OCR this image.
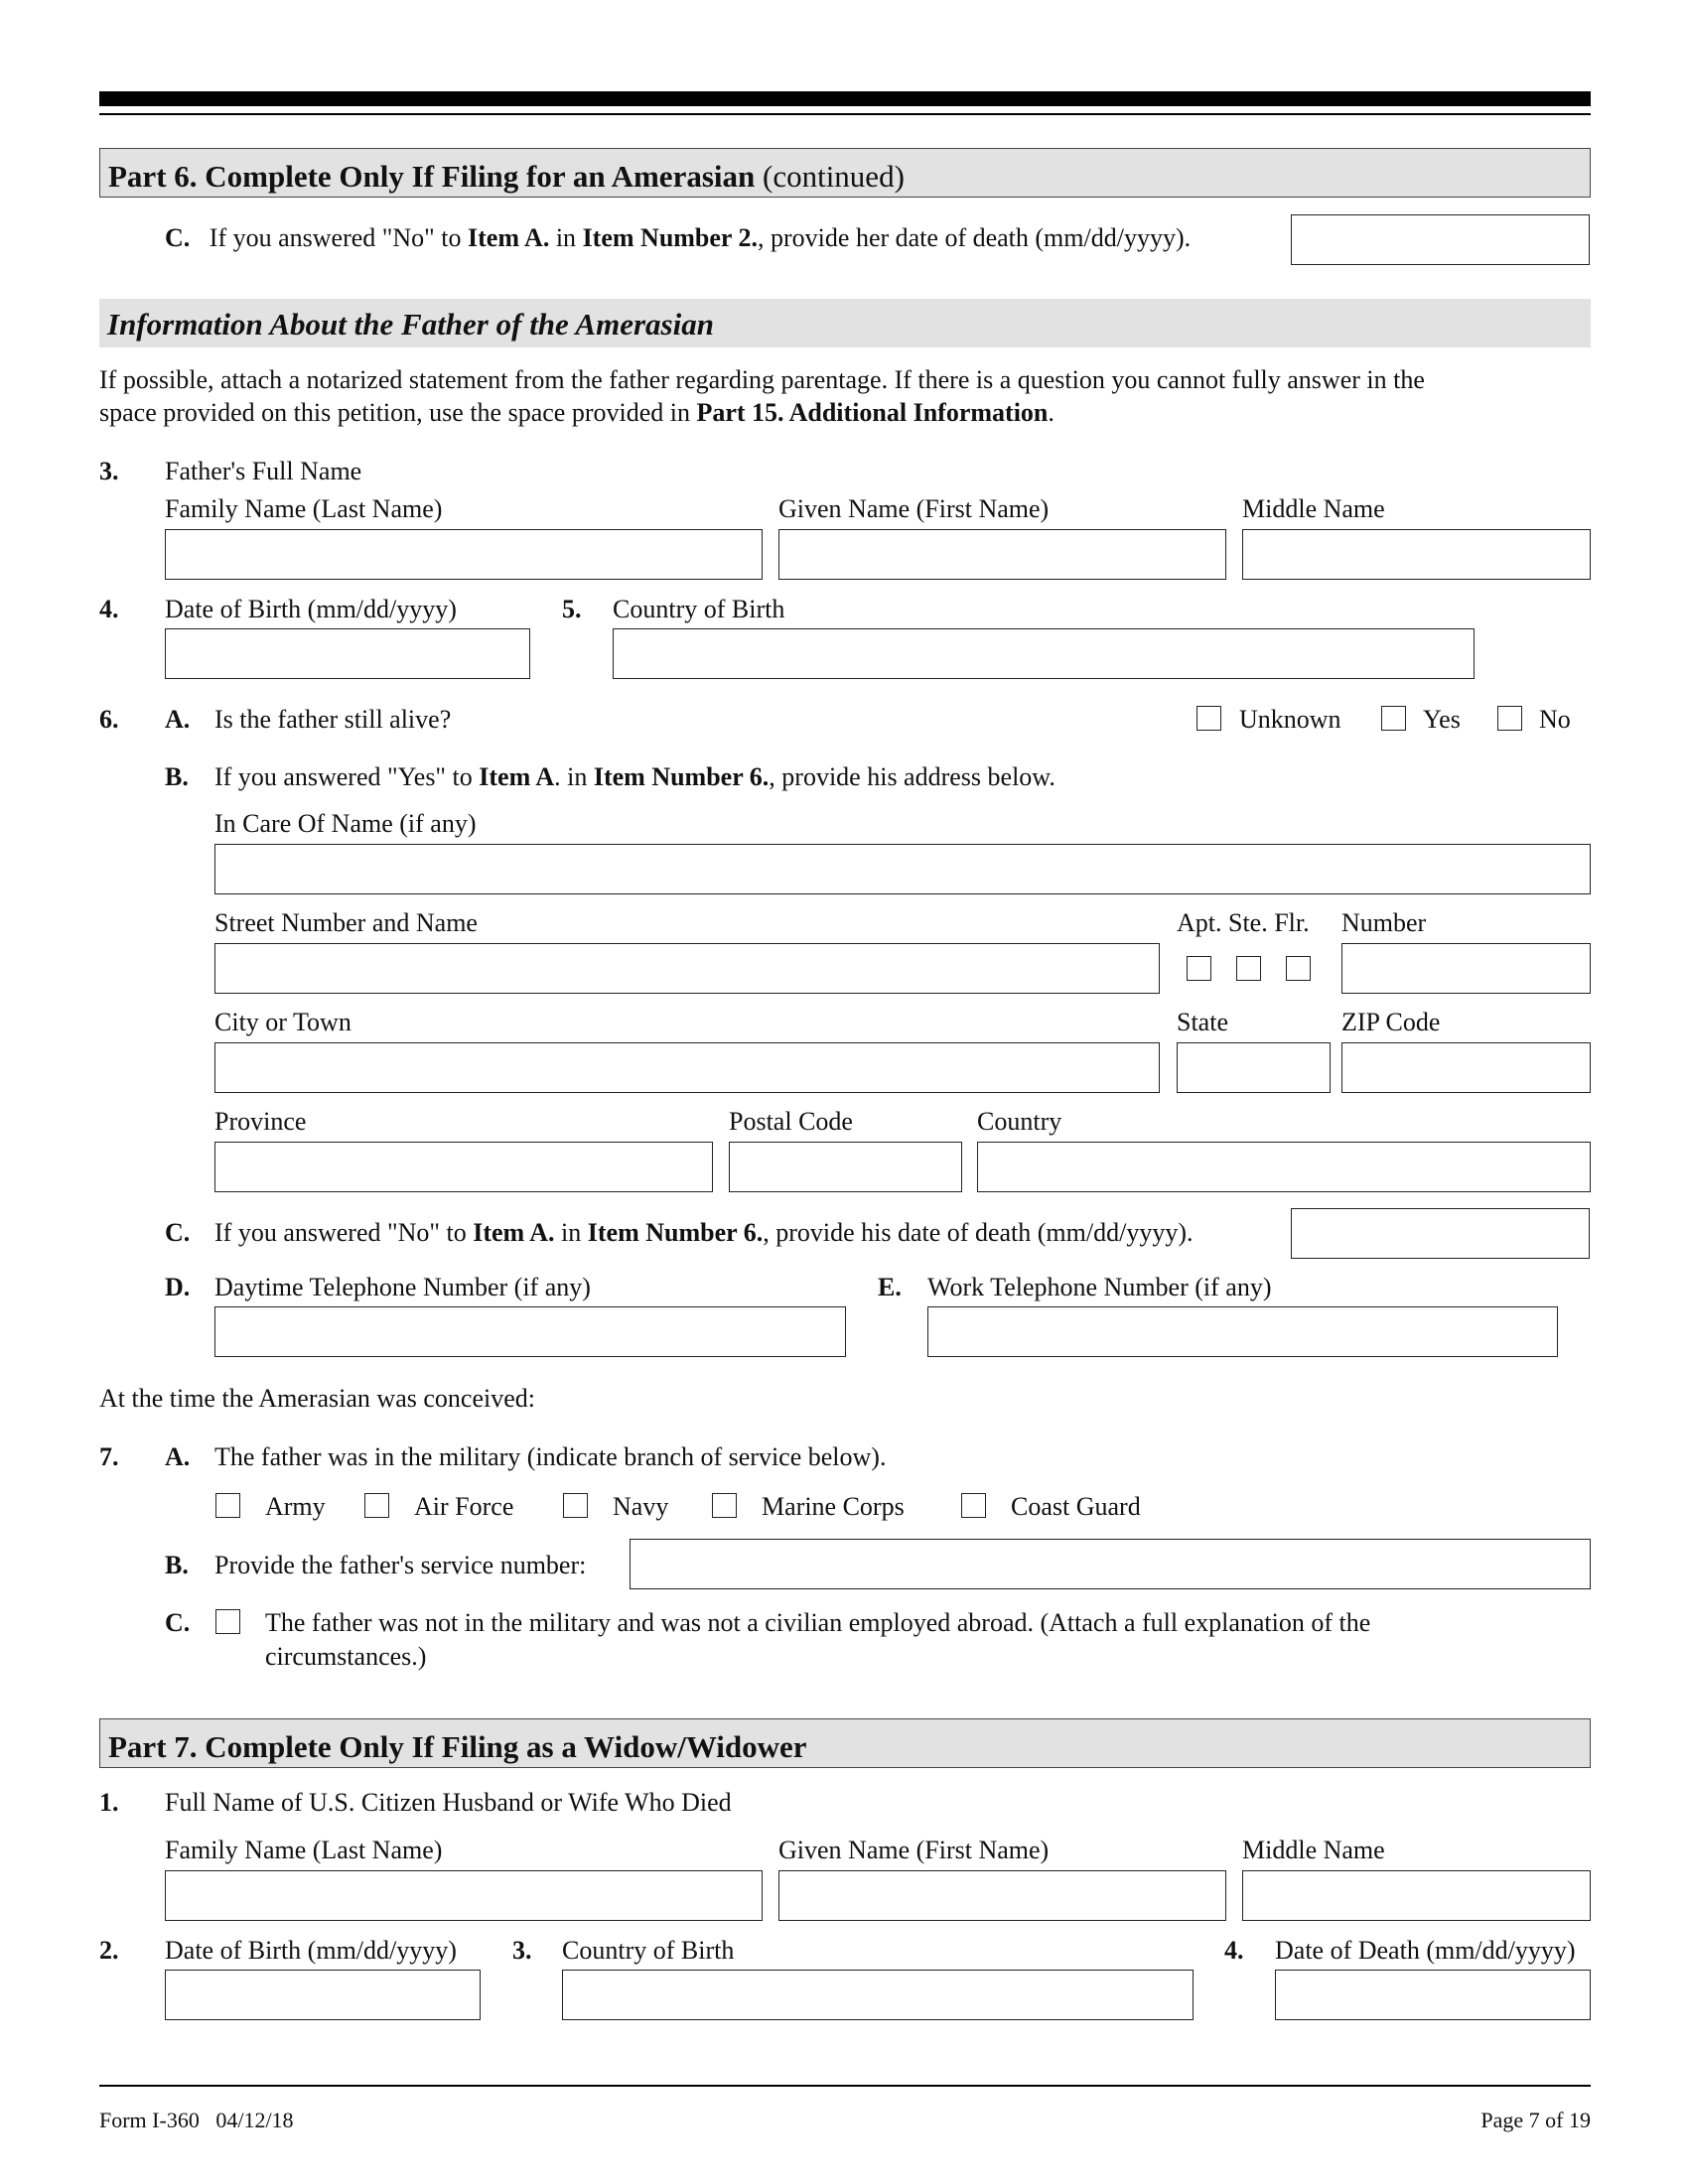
Part 6. Complete Only If Filing for an Amerasian (continued)
C. If you answered "No" to Item A. in Item Number 2., provide her date of death (mm/dd/yyyy).
Information About the Father of the Amerasian
If possible, attach a notarized statement from the father regarding parentage. If there is a question you cannot fully answer in the
space provided on this petition, use the space provided in Part 15. Additional Information.
3. Father's Full Name
Family Name (Last Name)	Given Name (First Name)	Middle Name
4. Date of Birth (mm/dd/yyyy)	5. Country of Birth
6. A. Is the father still alive?	Unknown	Yes	No
B. If you answered "Yes" to Item A. in Item Number 6., provide his address below.
In Care Of Name (if any)
Street Number and Name	Apt. Ste. Flr. Number
City or Town	State	ZIP Code
Province	Postal Code	Country
C. If you answered "No" to Item A. in Item Number 6., provide his date of death (mm/dd/yyyy).
D. Daytime Telephone Number (if any)	E. Work Telephone Number (if any)
At the time the Amerasian was conceived:
7. A. The father was in the military (indicate branch of service below).
Army	Air Force	Navy	Marine Corps	Coast Guard
B. Provide the father's service number:
C.	The father was not in the military and was not a civilian employed abroad. (Attach a full explanation of the
circumstances.)
Part 7. Complete Only If Filing as a Widow/Widower
1. Full Name of U.S. Citizen Husband or Wife Who Died
Family Name (Last Name)	Given Name (First Name)	Middle Name
2. Date of Birth (mm/dd/yyyy) 3. Country of Birth	4. Date of Death (mm/dd/yyyy)
Form I-360   04/12/18	Page 7 of 19
